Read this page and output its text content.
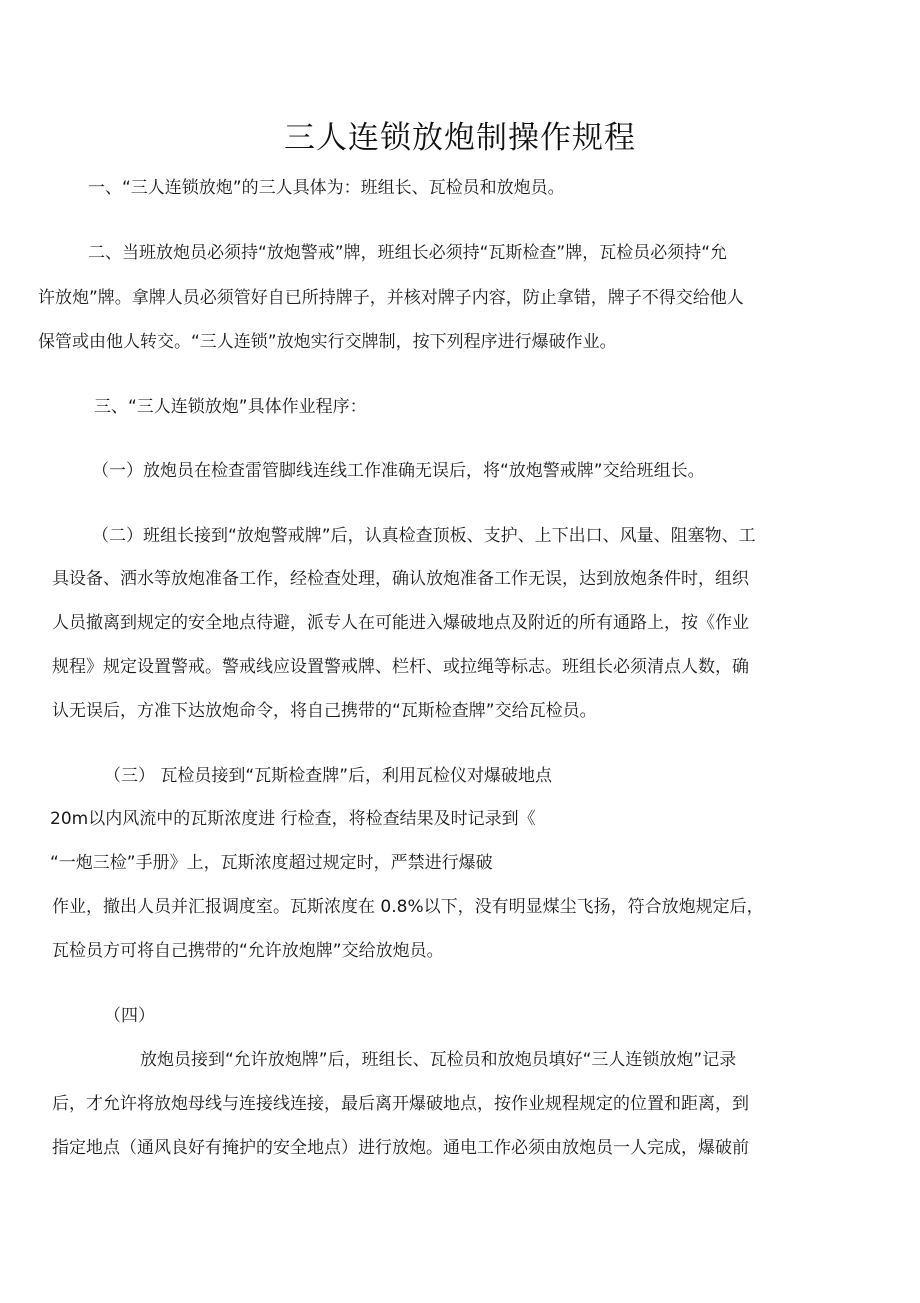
三人连锁放炮制操作规程
一、“三人连锁放炮”的三人具体为：班组长、瓦检员和放炮员。
二、当班放炮员必须持“放炮警戒”牌，班组长必须持“瓦斯检查”牌，瓦检员必须持“允
许放炮”牌。拿牌人员必须管好自已所持牌子，并核对牌子内容，防止拿错，牌子不得交给他人
保管或由他人转交。“三人连锁”放炮实行交牌制，按下列程序进行爆破作业。
三、“三人连锁放炮”具体作业程序：
（一）放炮员在检查雷管脚线连线工作准确无误后，将“放炮警戒牌”交给班组长。
（二）班组长接到“放炮警戒牌”后，认真检查顶板、支护、上下出口、风量、阻塞物、工
具设备、洒水等放炮准备工作，经检查处理，确认放炮准备工作无误，达到放炮条件时，组织
人员撤离到规定的安全地点待避，派专人在可能进入爆破地点及附近的所有通路上，按《作业
规程》规定设置警戒。警戒线应设置警戒牌、栏杆、或拉绳等标志。班组长必须清点人数，确
认无误后，方准下达放炮命令，将自己携带的“瓦斯检查牌”交给瓦检员。
（三） 瓦检员接到“瓦斯检查牌”后，利用瓦检仪对爆破地点
20m以内风流中的瓦斯浓度进 行检查，将检查结果及时记录到《
“一炮三检”手册》上，瓦斯浓度超过规定时，严禁进行爆破
作业，撤出人员并汇报调度室。瓦斯浓度在 0.8%以下，没有明显煤尘飞扬，符合放炮规定后，
瓦检员方可将自己携带的“允许放炮牌”交给放炮员。
（四）
放炮员接到“允许放炮牌”后，班组长、瓦检员和放炮员填好“三人连锁放炮”记录
后，才允许将放炮母线与连接线连接，最后离开爆破地点，按作业规程规定的位置和距离，到
指定地点（通风良好有掩护的安全地点）进行放炮。通电工作必须由放炮员一人完成，爆破前
